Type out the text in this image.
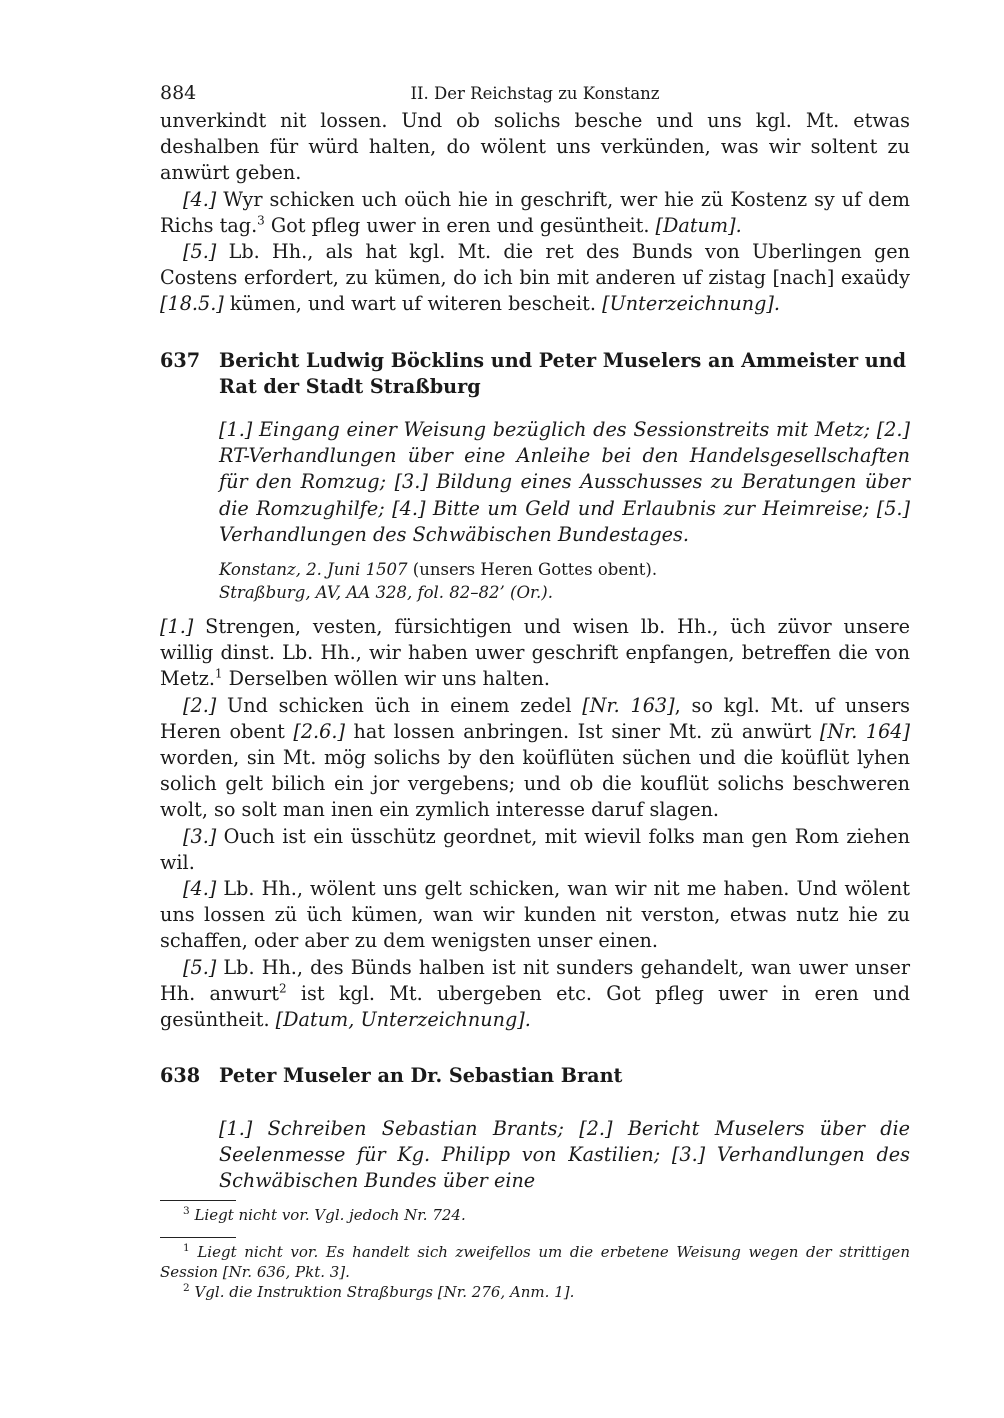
884	II. Der Reichstag zu Konstanz

unverkindt nit lossen. Und ob solichs besche und uns kgl. Mt. etwas deshalben für würd halten, do wölent uns verkünden, was wir soltent zu anwürt geben.

[4.] Wyr schicken uch oüch hie in geschrift, wer hie zü Kostenz sy uf dem Richs tag.$^3$ Got pfleg uwer in eren und gesüntheit. [Datum].

[5.] Lb. Hh., als hat kgl. Mt. die ret des Bunds von Uberlingen gen Costens erfordert, zu kümen, do ich bin mit anderen uf zistag [nach] exaüdy [18.5.] kümen, und wart uf witeren bescheit. [Unterzeichnung].

637 Bericht Ludwig Böcklins und Peter Muselers an Ammeister und Rat der Stadt Straßburg
[1.] Eingang einer Weisung bezüglich des Sessionstreits mit Metz; [2.] RT-Verhandlungen über eine Anleihe bei den Handelsgesellschaften für den Romzug; [3.] Bildung eines Ausschusses zu Beratungen über die Romzughilfe; [4.] Bitte um Geld und Erlaubnis zur Heimreise; [5.] Verhandlungen des Schwäbischen Bundestages.
Konstanz, 2. Juni 1507 (unsers Heren Gottes obent).
Straßburg, AV, AA 328, fol. 82–82’ (Or.).

[1.] Strengen, vesten, fürsichtigen und wisen lb. Hh., üch züvor unsere willig dinst. Lb. Hh., wir haben uwer geschrift enpfangen, betreffen die von Metz.$^1$ Derselben wöllen wir uns halten.

[2.] Und schicken üch in einem zedel [Nr. 163], so kgl. Mt. uf unsers Heren obent [2.6.] hat lossen anbringen. Ist siner Mt. zü anwürt [Nr. 164] worden, sin Mt. mög solichs by den koüflüten süchen und die koüflüt lyhen solich gelt bilich ein jor vergebens; und ob die kouflüt solichs beschweren wolt, so solt man inen ein zymlich interesse daruf slagen.

[3.] Ouch ist ein üsschütz geordnet, mit wievil folks man gen Rom ziehen wil.

[4.] Lb. Hh., wölent uns gelt schicken, wan wir nit me haben. Und wölent uns lossen zü üch kümen, wan wir kunden nit verston, etwas nutz hie zu schaffen, oder aber zu dem wenigsten unser einen.

[5.] Lb. Hh., des Bünds halben ist nit sunders gehandelt, wan uwer unser Hh. anwurt$^2$ ist kgl. Mt. ubergeben etc. Got pfleg uwer in eren und gesüntheit. [Datum, Unterzeichnung].

638 Peter Museler an Dr. Sebastian Brant
[1.] Schreiben Sebastian Brants; [2.] Bericht Muselers über die Seelenmesse für Kg. Philipp von Kastilien; [3.] Verhandlungen des Schwäbischen Bundes über eine

$^3$ Liegt nicht vor. Vgl. jedoch Nr. 724.

$^1$ Liegt nicht vor. Es handelt sich zweifellos um die erbetene Weisung wegen der strittigen Session [Nr. 636, Pkt. 3].

$^2$ Vgl. die Instruktion Straßburgs [Nr. 276, Anm. 1].
